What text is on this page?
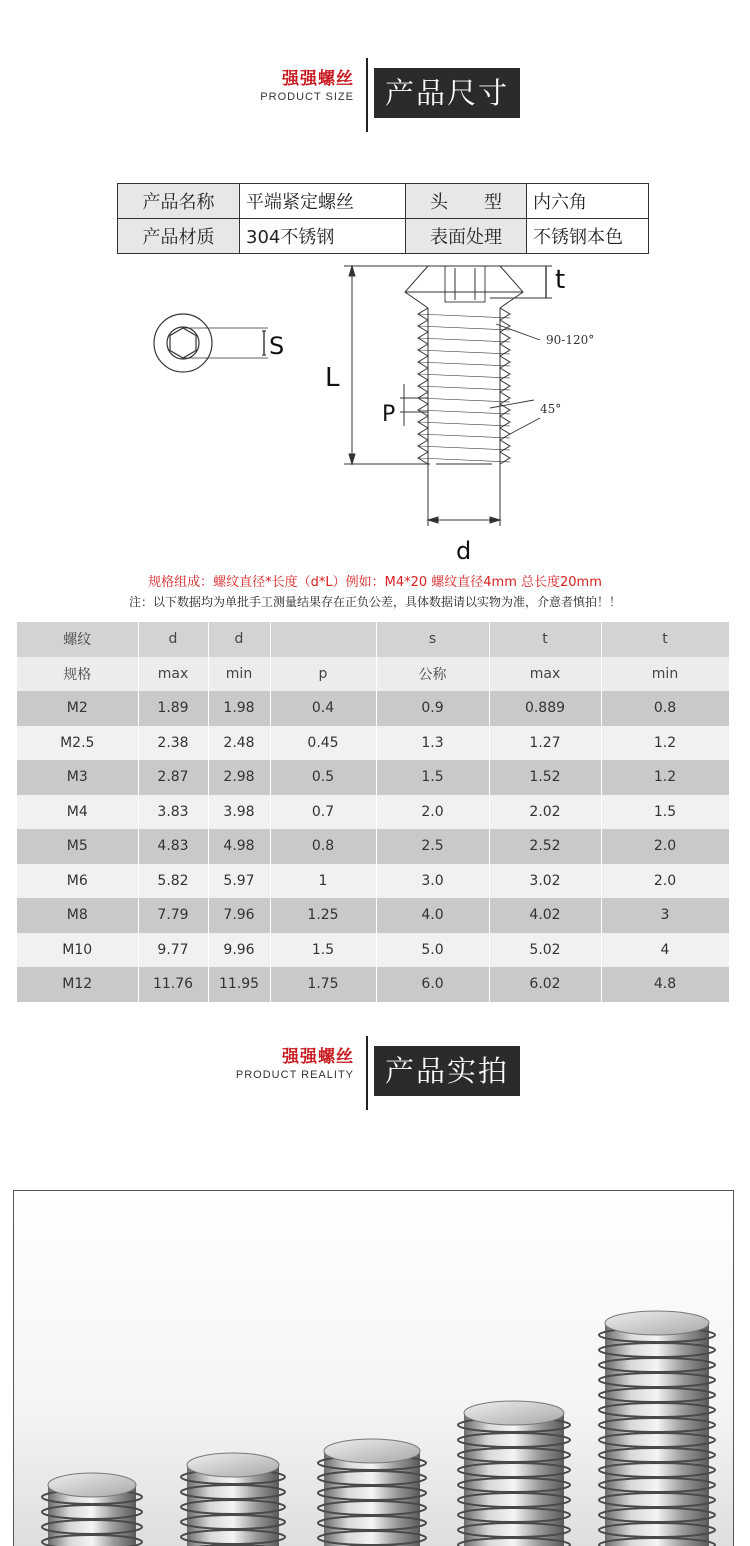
强强螺丝
PRODUCT SIZE	产品尺寸
产品名称	平端紧定螺丝	头　　型	内六角
产品材质	304不锈钢	表面处理	不锈钢本色
S
L
t
90-120°
45°
P
d
规格组成：螺纹直径*长度（d*L）例如：M4*20 螺纹直径4mm 总长度20mm
注：以下数据均为单批手工测量结果存在正负公差，具体数据请以实物为准，介意者慎拍！！
螺纹	d	d		s	t	t
规格	max	min	p	公称	max	min
M2	1.89	1.98	0.4	0.9	0.889	0.8
M2.5	2.38	2.48	0.45	1.3	1.27	1.2
M3	2.87	2.98	0.5	1.5	1.52	1.2
M4	3.83	3.98	0.7	2.0	2.02	1.5
M5	4.83	4.98	0.8	2.5	2.52	2.0
M6	5.82	5.97	1	3.0	3.02	2.0
M8	7.79	7.96	1.25	4.0	4.02	3
M10	9.77	9.96	1.5	5.0	5.02	4
M12	11.76	11.95	1.75	6.0	6.02	4.8
强强螺丝
PRODUCT REALITY	产品实拍
